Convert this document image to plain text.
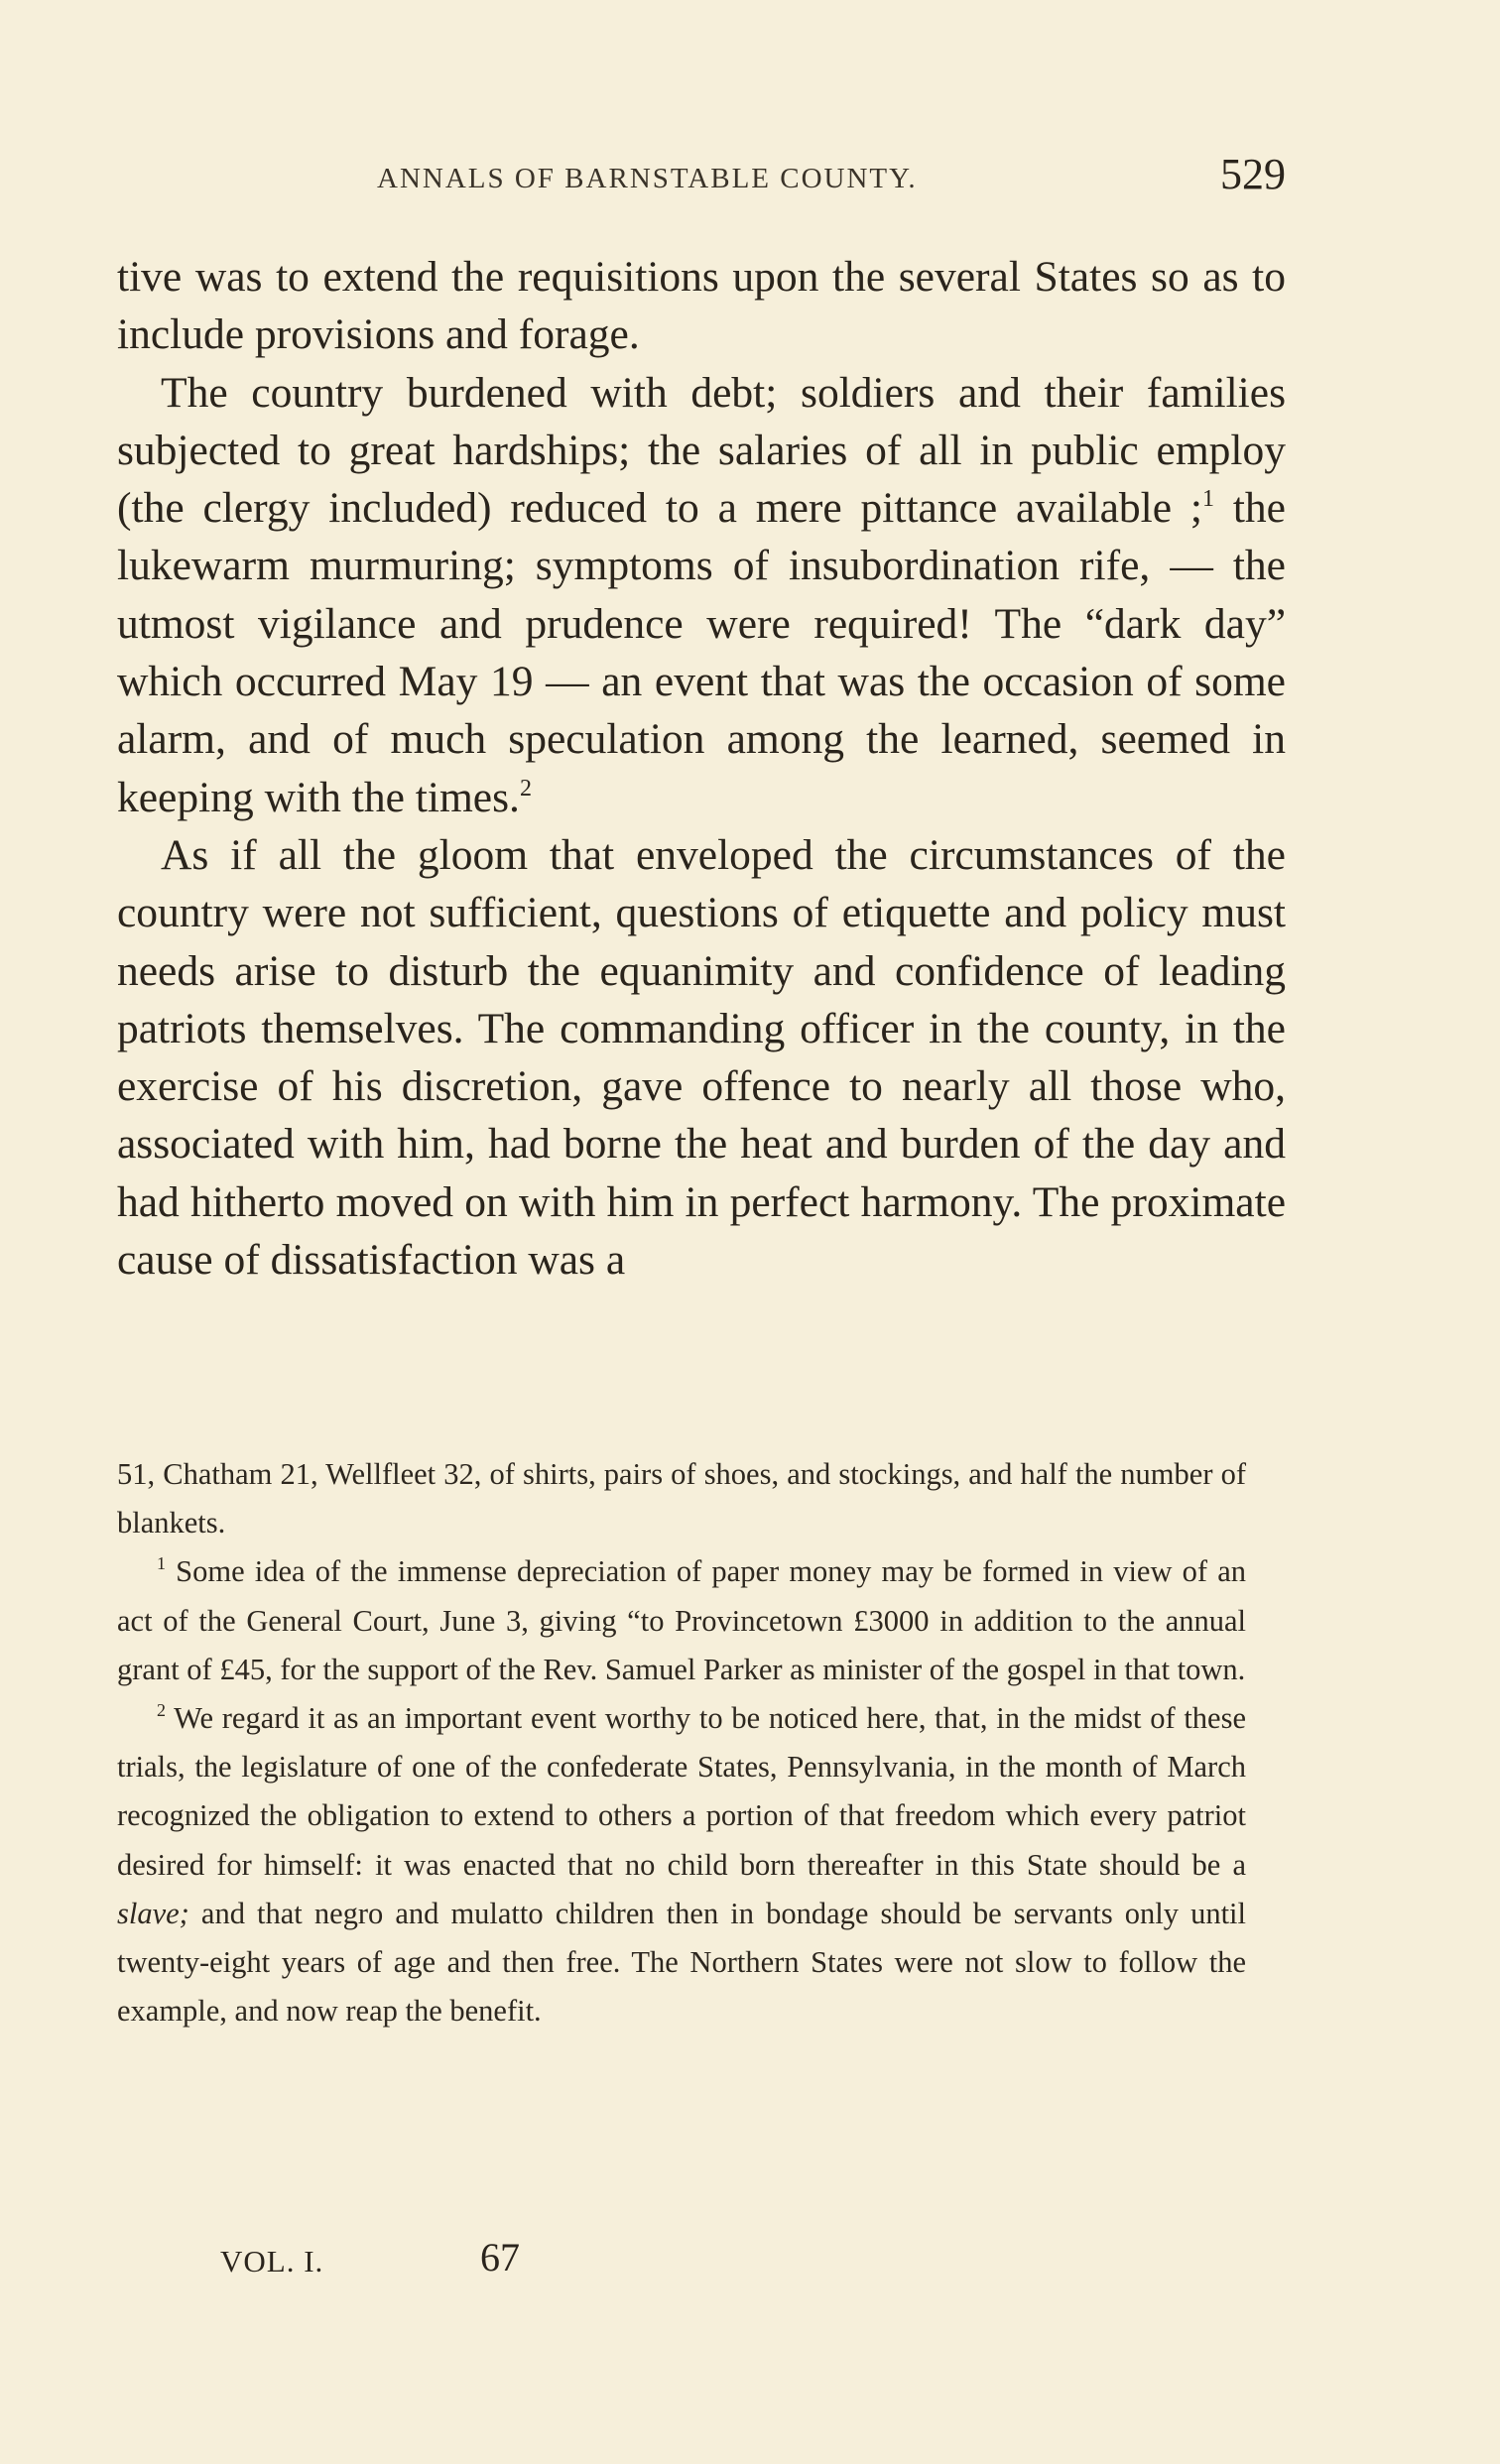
ANNALS OF BARNSTABLE COUNTY.	529

tive was to extend the requisitions upon the several States so as to include provisions and forage.

The country burdened with debt; soldiers and their families subjected to great hardships; the salaries of all in public employ (the clergy included) reduced to a mere pittance available ;$^1$ the lukewarm murmuring; symptoms of insubordination rife, — the utmost vigilance and prudence were required! The “dark day” which occurred May 19 — an event that was the occasion of some alarm, and of much speculation among the learned, seemed in keeping with the times.$^2$

As if all the gloom that enveloped the circumstances of the country were not sufficient, questions of etiquette and policy must needs arise to disturb the equanimity and confidence of leading patriots themselves. The commanding officer in the county, in the exercise of his discretion, gave offence to nearly all those who, associated with him, had borne the heat and burden of the day and had hitherto moved on with him in perfect harmony. The proximate cause of dissatisfaction was a

51, Chatham 21, Wellfleet 32, of shirts, pairs of shoes, and stockings, and half the number of blankets.

$^1$ Some idea of the immense depreciation of paper money may be formed in view of an act of the General Court, June 3, giving “to Provincetown £3000 in addition to the annual grant of £45, for the support of the Rev. Samuel Parker as minister of the gospel in that town.

$^2$ We regard it as an important event worthy to be noticed here, that, in the midst of these trials, the legislature of one of the confederate States, Pennsylvania, in the month of March recognized the obligation to extend to others a portion of that freedom which every patriot desired for himself: it was enacted that no child born thereafter in this State should be a slave; and that negro and mulatto children then in bondage should be servants only until twenty-eight years of age and then free. The Northern States were not slow to follow the example, and now reap the benefit.

VOL. I.	67
